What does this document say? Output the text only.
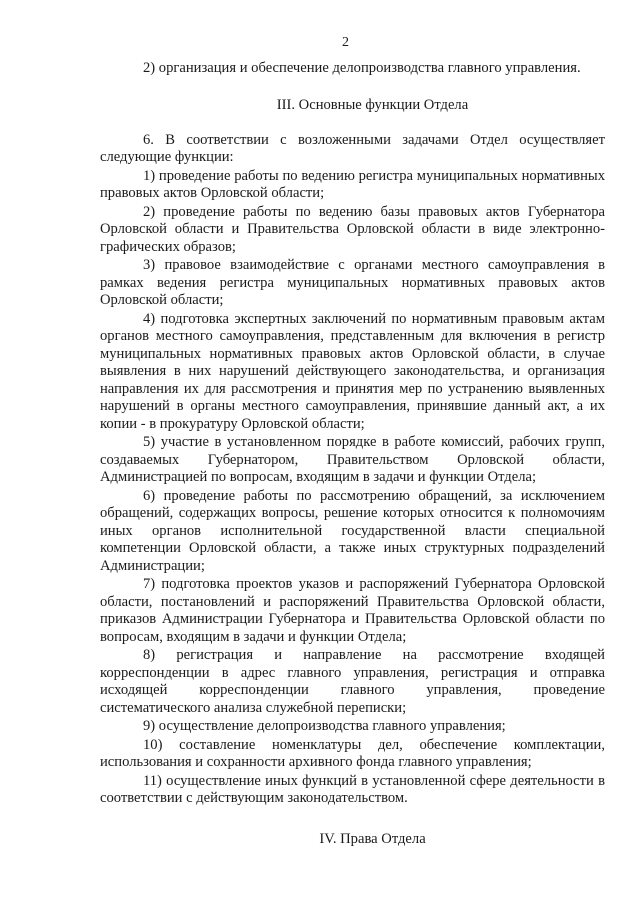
2

2) организация и обеспечение делопроизводства главного управления.

III. Основные функции Отдела

6. В соответствии с возложенными задачами Отдел осуществляет следующие функции:

1) проведение работы по ведению регистра муниципальных нормативных правовых актов Орловской области;

2) проведение работы по ведению базы правовых актов Губернатора Орловской области и Правительства Орловской области в виде электронно-графических образов;

3) правовое взаимодействие с органами местного самоуправления в рамках ведения регистра муниципальных нормативных правовых актов Орловской области;

4) подготовка экспертных заключений по нормативным правовым актам органов местного самоуправления, представленным для включения в регистр муниципальных нормативных правовых актов Орловской области, в случае выявления в них нарушений действующего законодательства, и организация направления их для рассмотрения и принятия мер по устранению выявленных нарушений в органы местного самоуправления, принявшие данный акт, а их копии - в прокуратуру Орловской области;

5) участие в установленном порядке в работе комиссий, рабочих групп, создаваемых Губернатором, Правительством Орловской области, Администрацией по вопросам, входящим в задачи и функции Отдела;

6) проведение работы по рассмотрению обращений, за исключением обращений, содержащих вопросы, решение которых относится к полномочиям иных органов исполнительной государственной власти специальной компетенции Орловской области, а также иных структурных подразделений Администрации;

7) подготовка проектов указов и распоряжений Губернатора Орловской области, постановлений и распоряжений Правительства Орловской области, приказов Администрации Губернатора и Правительства Орловской области по вопросам, входящим в задачи и функции Отдела;

8) регистрация и направление на рассмотрение входящей корреспонденции в адрес главного управления, регистрация и отправка исходящей корреспонденции главного управления, проведение систематического анализа служебной переписки;

9) осуществление делопроизводства главного управления;

10) составление номенклатуры дел, обеспечение комплектации, использования и сохранности архивного фонда главного управления;

11) осуществление иных функций в установленной сфере деятельности в соответствии с действующим законодательством.

IV. Права Отдела
